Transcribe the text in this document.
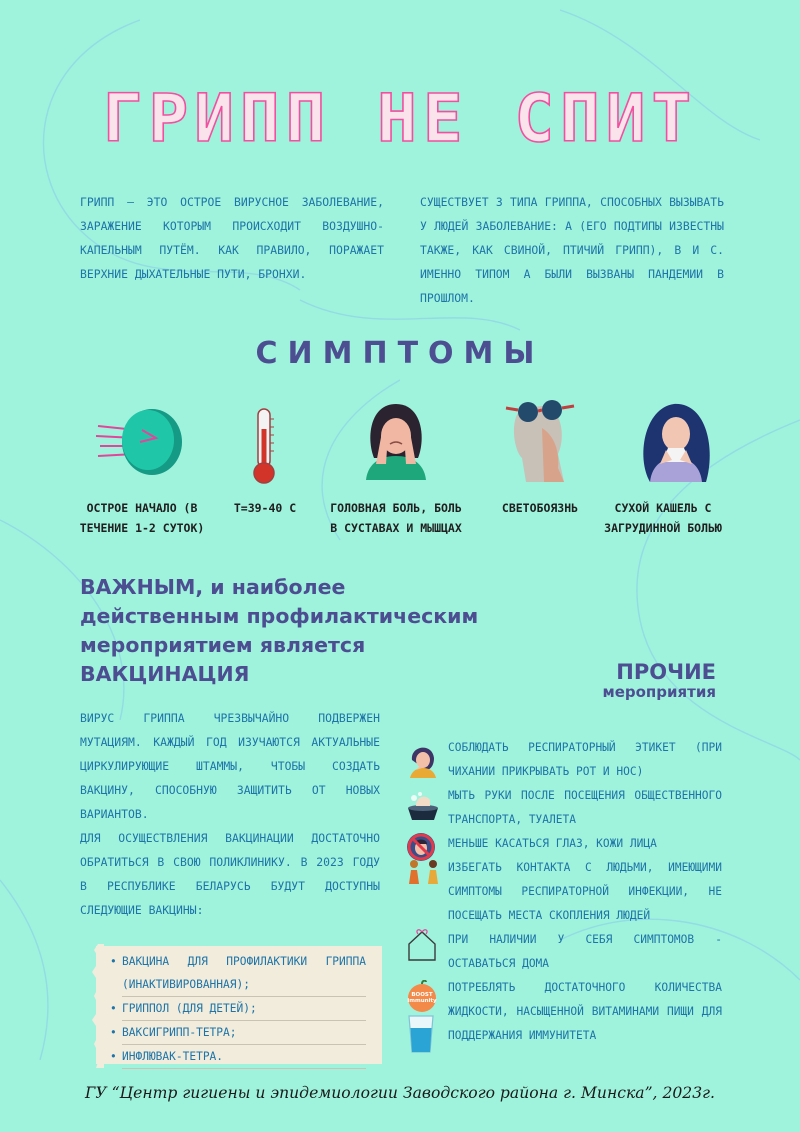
ГРИПП НЕ СПИТ
ГРИПП — ЭТО ОСТРОЕ ВИРУСНОЕ ЗАБОЛЕВАНИЕ, ЗАРАЖЕНИЕ КОТОРЫМ ПРОИСХОДИТ ВОЗДУШНО-КАПЕЛЬНЫМ ПУТЁМ. КАК ПРАВИЛО, ПОРАЖАЕТ ВЕРХНИЕ ДЫХАТЕЛЬНЫЕ ПУТИ, БРОНХИ.
СУЩЕСТВУЕТ 3 ТИПА ГРИППА, СПОСОБНЫХ ВЫЗЫВАТЬ У ЛЮДЕЙ ЗАБОЛЕВАНИЕ: A (ЕГО ПОДТИПЫ ИЗВЕСТНЫ ТАКЖЕ, КАК СВИНОЙ, ПТИЧИЙ ГРИПП), B И C. ИМЕННО ТИПОМ А БЫЛИ ВЫЗВАНЫ ПАНДЕМИИ В ПРОШЛОМ.
СИМПТОМЫ
ОСТРОЕ НАЧАЛО (В ТЕЧЕНИЕ 1-2 СУТОК)
Т=39-40 С	ГОЛОВНАЯ БОЛЬ, БОЛЬ В СУСТАВАХ И МЫШЦАХ
СВЕТОБОЯЗНЬ	СУХОЙ КАШЕЛЬ С ЗАГРУДИННОЙ БОЛЬЮ
ВАЖНЫМ, и наиболее
действенным профилактическим
мероприятием является
ВАКЦИНАЦИЯ	ПРОЧИЕ
мероприятия

ВИРУС ГРИППА ЧРЕЗВЫЧАЙНО ПОДВЕРЖЕН МУТАЦИЯМ. КАЖДЫЙ ГОД ИЗУЧАЮТСЯ АКТУАЛЬНЫЕ ЦИРКУЛИРУЮЩИЕ ШТАММЫ, ЧТОБЫ СОЗДАТЬ ВАКЦИНУ, СПОСОБНУЮ ЗАЩИТИТЬ ОТ НОВЫХ ВАРИАНТОВ.

ДЛЯ ОСУЩЕСТВЛЕНИЯ ВАКЦИНАЦИИ ДОСТАТОЧНО ОБРАТИТЬСЯ В СВОЮ ПОЛИКЛИНИКУ. В 2023 ГОДУ В РЕСПУБЛИКЕ БЕЛАРУСЬ БУДУТ ДОСТУПНЫ СЛЕДУЮЩИЕ ВАКЦИНЫ:

• ВАКЦИНА ДЛЯ ПРОФИЛАКТИКИ ГРИППА (ИНАКТИВИРОВАННАЯ);
• ГРИППОЛ (ДЛЯ ДЕТЕЙ);
• ВАКСИГРИПП-ТЕТРА;
• ИНФЛЮВАК-ТЕТРА.
СОБЛЮДАТЬ РЕСПИРАТОРНЫЙ ЭТИКЕТ (ПРИ ЧИХАНИИ ПРИКРЫВАТЬ РОТ И НОС)
МЫТЬ РУКИ ПОСЛЕ ПОСЕЩЕНИЯ ОБЩЕСТВЕННОГО ТРАНСПОРТА, ТУАЛЕТА
МЕНЬШЕ КАСАТЬСЯ ГЛАЗ, КОЖИ ЛИЦА
ИЗБЕГАТЬ КОНТАКТА С ЛЮДЬМИ, ИМЕЮЩИМИ СИМПТОМЫ РЕСПИРАТОРНОЙ ИНФЕКЦИИ, НЕ ПОСЕЩАТЬ МЕСТА СКОПЛЕНИЯ ЛЮДЕЙ
ПРИ НАЛИЧИИ У СЕБЯ СИМПТОМОВ - ОСТАВАТЬСЯ ДОМА
BOOST immunity
ПОТРЕБЛЯТЬ ДОСТАТОЧНОГО КОЛИЧЕСТВА ЖИДКОСТИ, НАСЫЩЕННОЙ ВИТАМИНАМИ ПИЩИ ДЛЯ ПОДДЕРЖАНИЯ ИММУНИТЕТА
ГУ “Центр гигиены и эпидемиологии Заводского района г. Минска”, 2023г.
